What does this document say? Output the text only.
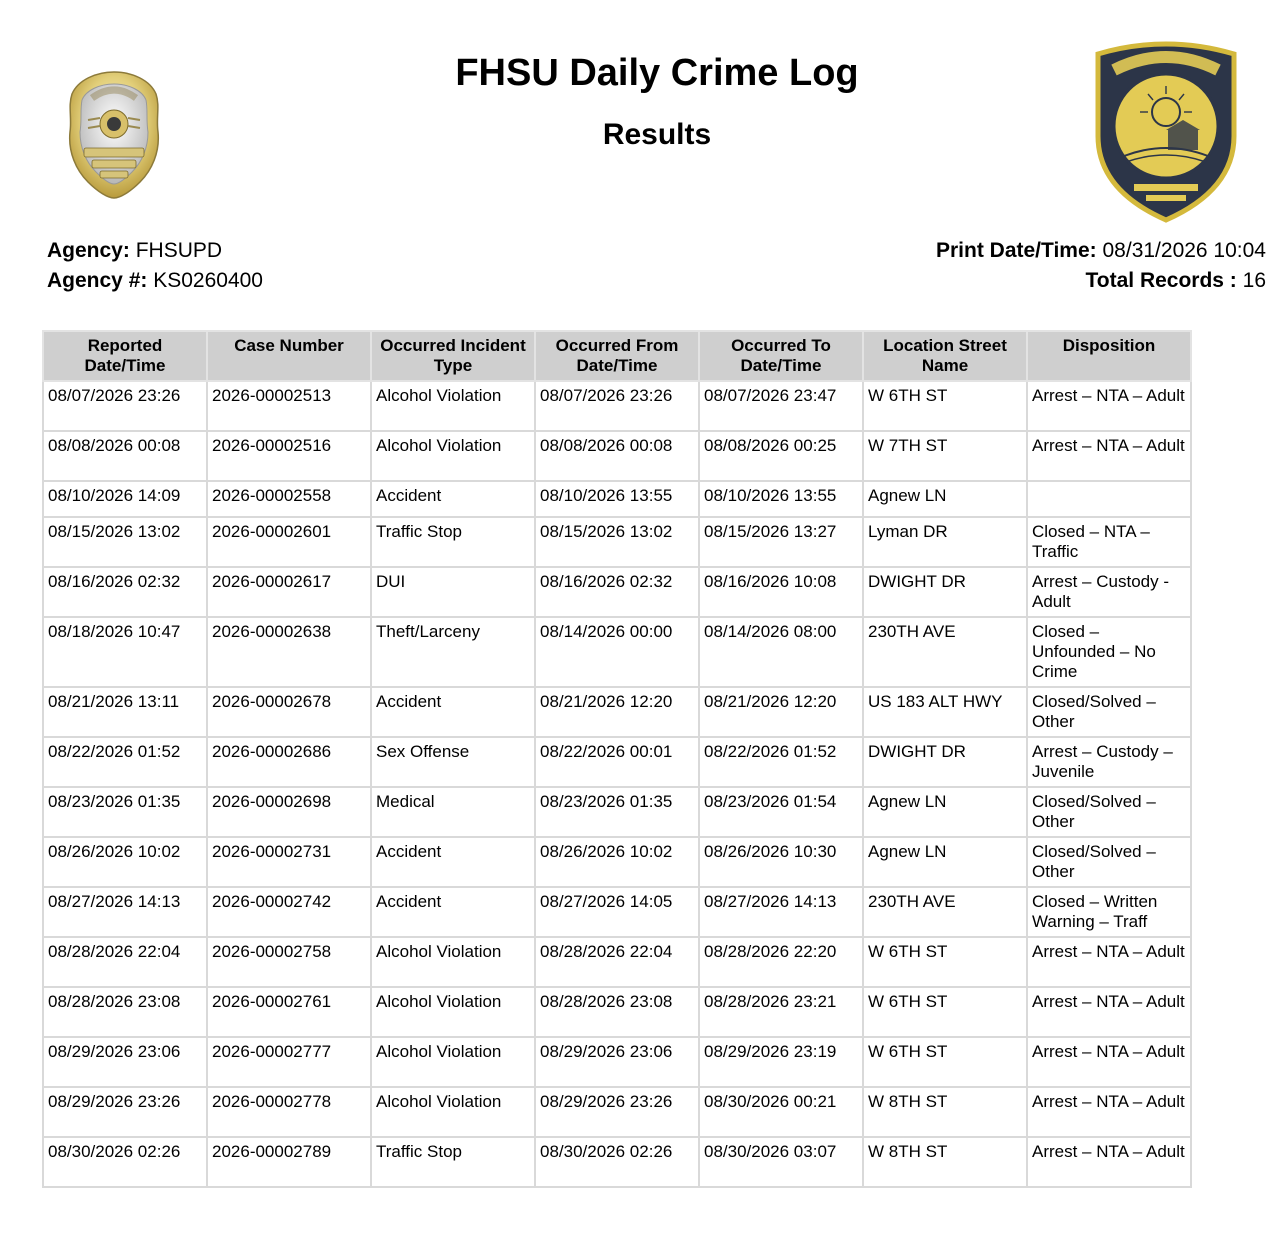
FHSU Daily Crime Log
Results
Agency: FHSUPD
Agency #: KS0260400
Print Date/Time: 08/31/2026 10:04
Total Records : 16
Reported Date/Time	Case Number	Occurred Incident Type	Occurred From Date/Time	Occurred To Date/Time	Location Street Name	Disposition
08/07/2026 23:26	2026-00002513	Alcohol Violation	08/07/2026 23:26	08/07/2026 23:47	W 6TH ST	Arrest – NTA – Adult
08/08/2026 00:08	2026-00002516	Alcohol Violation	08/08/2026 00:08	08/08/2026 00:25	W 7TH ST	Arrest – NTA – Adult
08/10/2026 14:09	2026-00002558	Accident	08/10/2026 13:55	08/10/2026 13:55	Agnew LN	
08/15/2026 13:02	2026-00002601	Traffic Stop	08/15/2026 13:02	08/15/2026 13:27	Lyman DR	Closed – NTA – Traffic
08/16/2026 02:32	2026-00002617	DUI	08/16/2026 02:32	08/16/2026 10:08	DWIGHT DR	Arrest – Custody - Adult
08/18/2026 10:47	2026-00002638	Theft/Larceny	08/14/2026 00:00	08/14/2026 08:00	230TH AVE	Closed – Unfounded – No Crime
08/21/2026 13:11	2026-00002678	Accident	08/21/2026 12:20	08/21/2026 12:20	US 183 ALT HWY	Closed/Solved – Other
08/22/2026 01:52	2026-00002686	Sex Offense	08/22/2026 00:01	08/22/2026 01:52	DWIGHT DR	Arrest – Custody – Juvenile
08/23/2026 01:35	2026-00002698	Medical	08/23/2026 01:35	08/23/2026 01:54	Agnew LN	Closed/Solved – Other
08/26/2026 10:02	2026-00002731	Accident	08/26/2026 10:02	08/26/2026 10:30	Agnew LN	Closed/Solved – Other
08/27/2026 14:13	2026-00002742	Accident	08/27/2026 14:05	08/27/2026 14:13	230TH AVE	Closed – Written Warning – Traff
08/28/2026 22:04	2026-00002758	Alcohol Violation	08/28/2026 22:04	08/28/2026 22:20	W 6TH ST	Arrest – NTA – Adult
08/28/2026 23:08	2026-00002761	Alcohol Violation	08/28/2026 23:08	08/28/2026 23:21	W 6TH ST	Arrest – NTA – Adult
08/29/2026 23:06	2026-00002777	Alcohol Violation	08/29/2026 23:06	08/29/2026 23:19	W 6TH ST	Arrest – NTA – Adult
08/29/2026 23:26	2026-00002778	Alcohol Violation	08/29/2026 23:26	08/30/2026 00:21	W 8TH ST	Arrest – NTA – Adult
08/30/2026 02:26	2026-00002789	Traffic Stop	08/30/2026 02:26	08/30/2026 03:07	W 8TH ST	Arrest – NTA – Adult
